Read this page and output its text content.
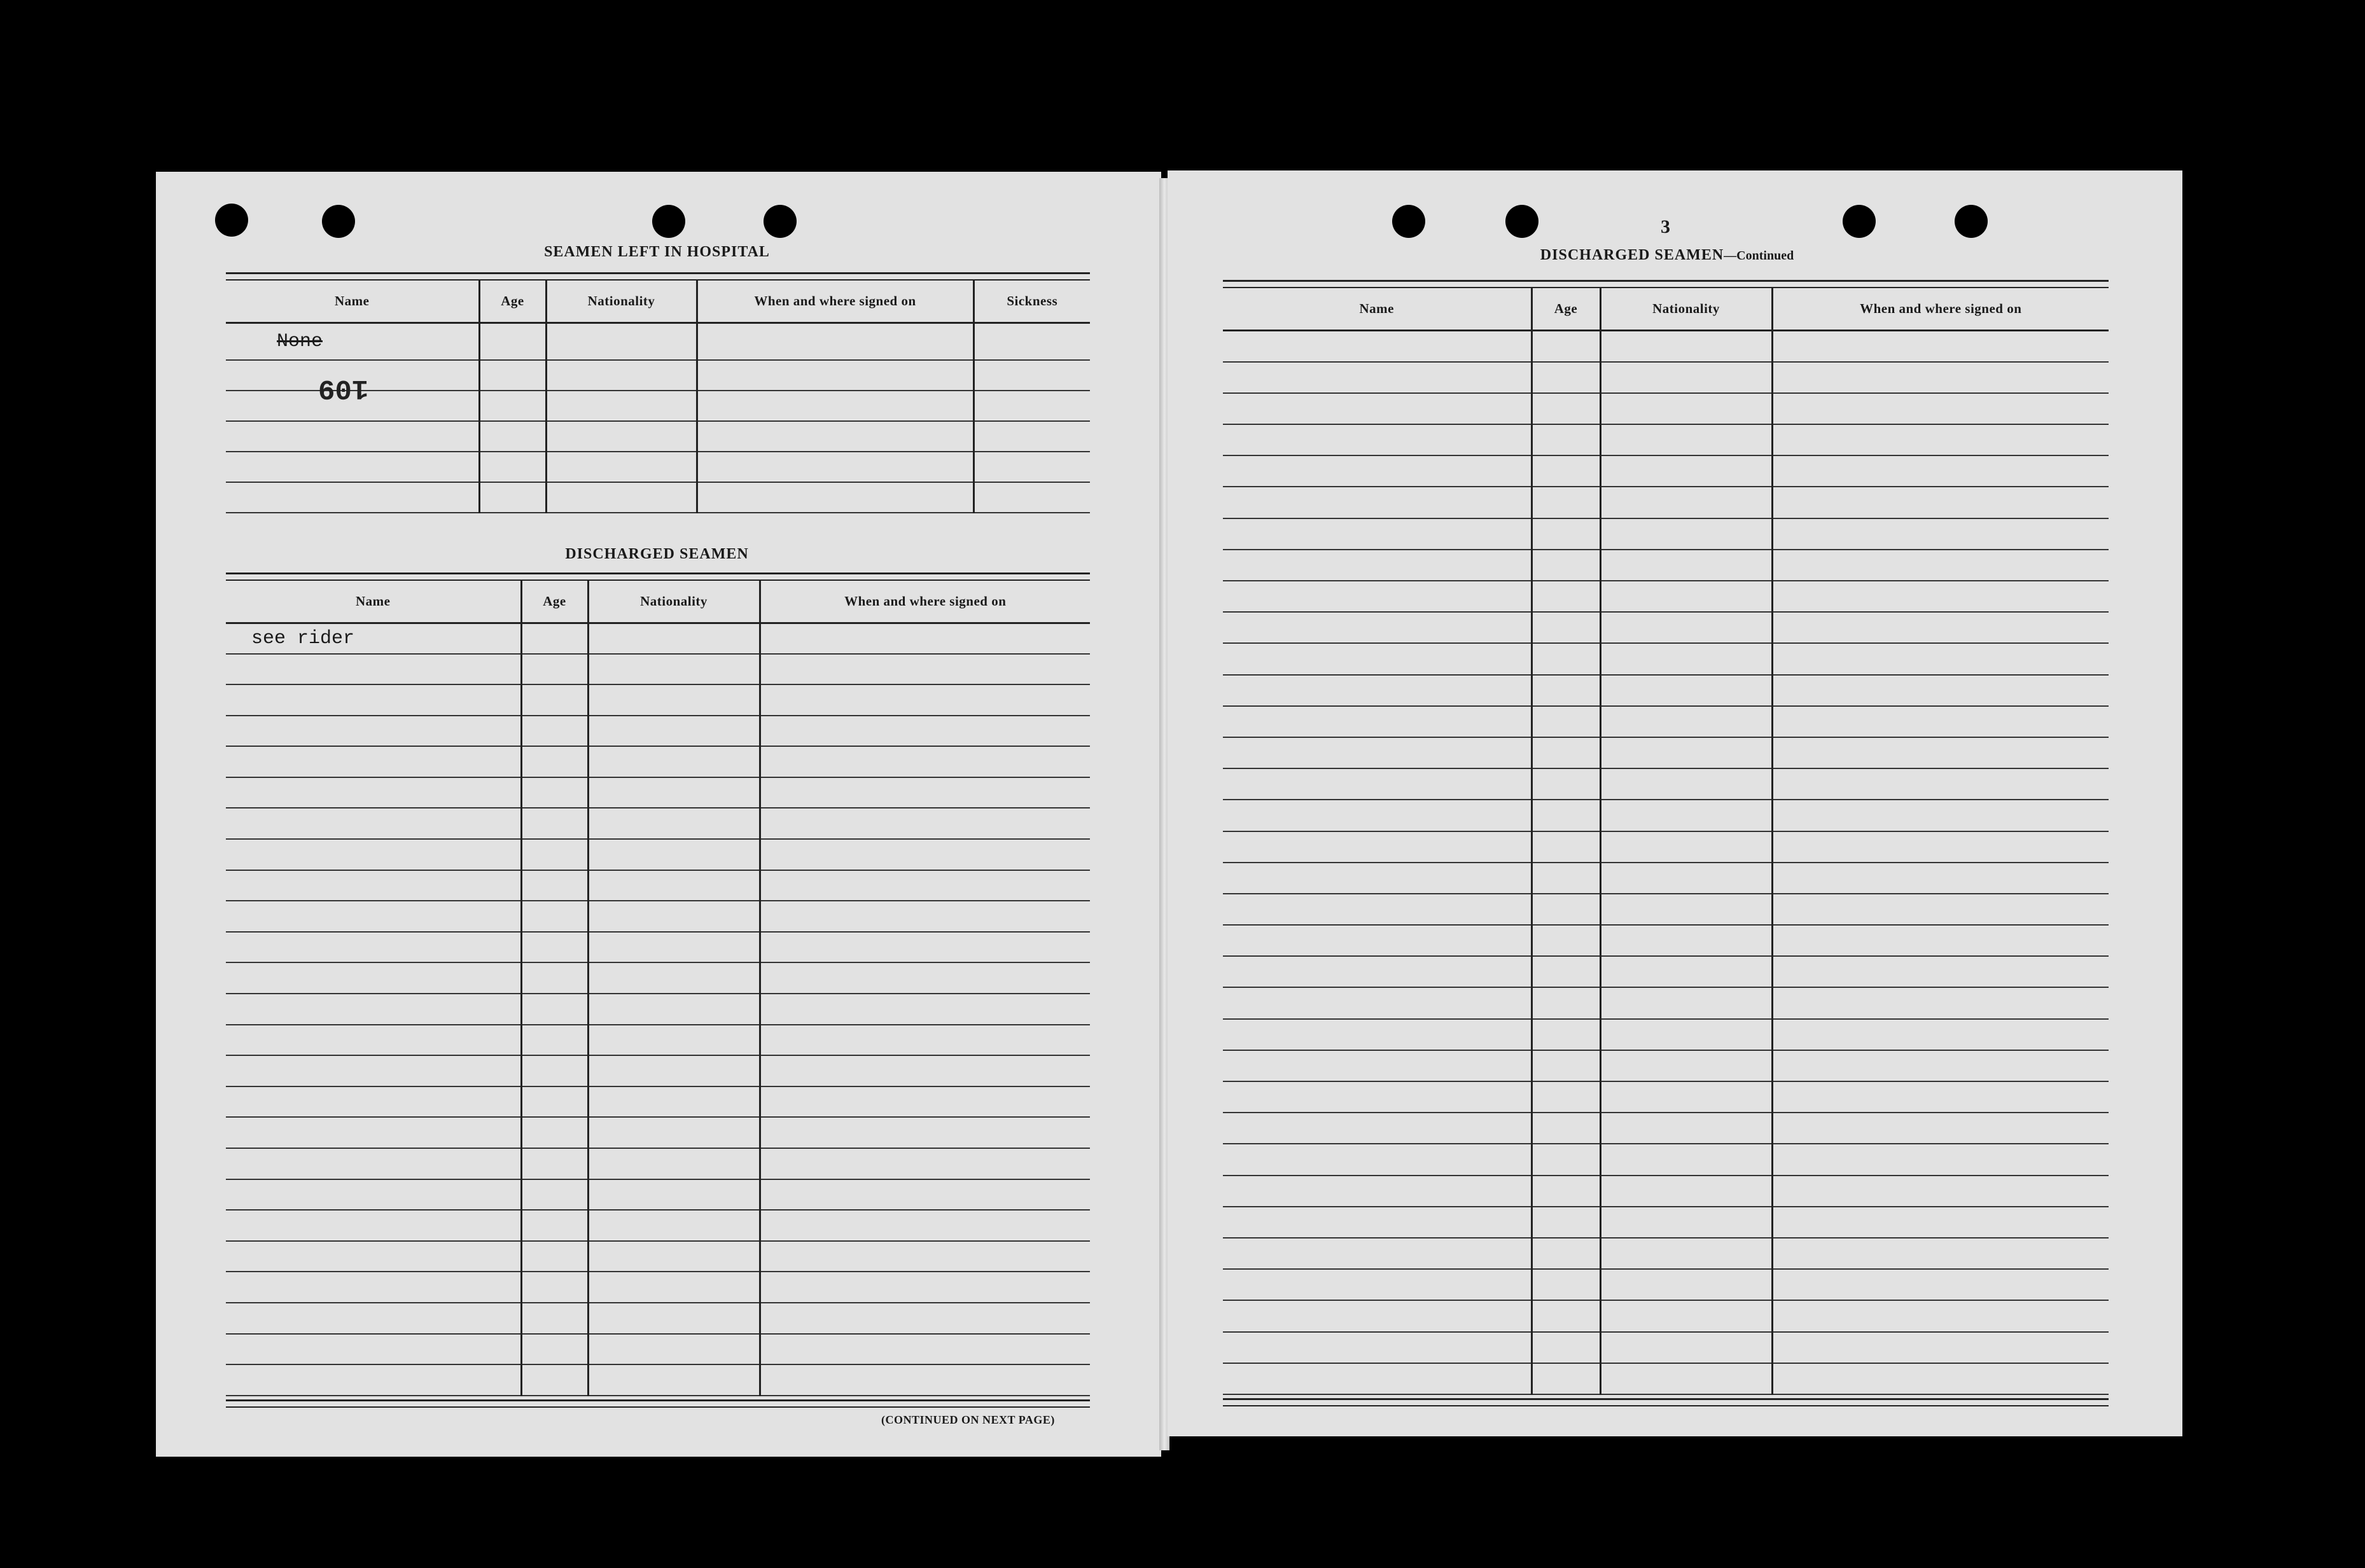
SEAMEN LEFT IN HOSPITAL
Name	Age	Nationality	When and where signed on	Sickness
None				

109
DISCHARGED SEAMEN
Name	Age	Nationality	When and where signed on
see rider			

(CONTINUED ON NEXT PAGE)
3
DISCHARGED SEAMEN—Continued
Name	Age	Nationality	When and where signed on
